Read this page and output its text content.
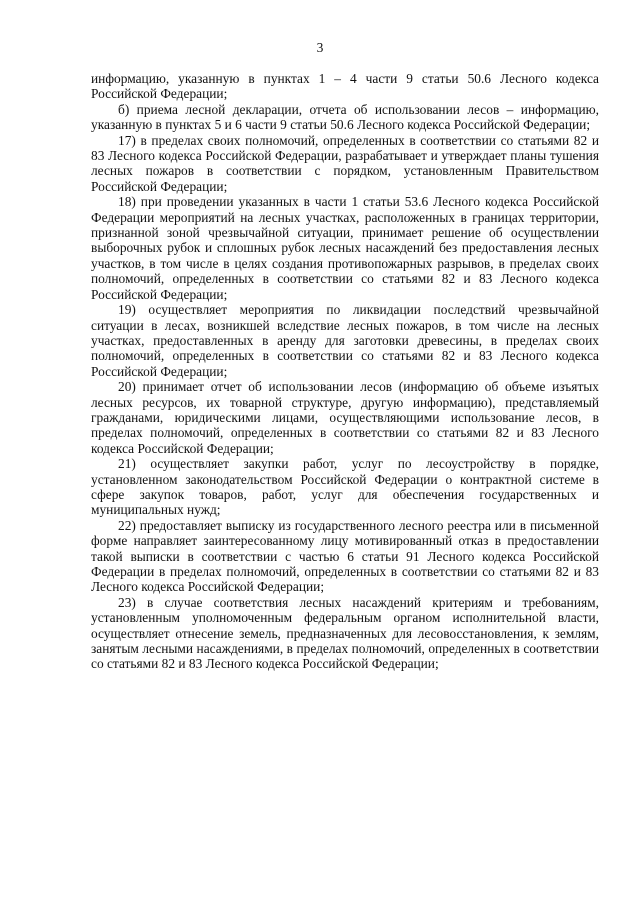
3

информацию, указанную в пунктах 1 – 4 части 9 статьи 50.6 Лесного кодекса Российской Федерации;

б) приема лесной декларации, отчета об использовании лесов – информацию, указанную в пунктах 5 и 6 части 9 статьи 50.6 Лесного кодекса Российской Федерации;

17) в пределах своих полномочий, определенных в соответствии со статьями 82 и 83 Лесного кодекса Российской Федерации, разрабатывает и утверждает планы тушения лесных пожаров в соответствии с порядком, установленным Правительством Российской Федерации;

18) при проведении указанных в части 1 статьи 53.6 Лесного кодекса Российской Федерации мероприятий на лесных участках, расположенных в границах территории, признанной зоной чрезвычайной ситуации, принимает решение об осуществлении выборочных рубок и сплошных рубок лесных насаждений без предоставления лесных участков, в том числе в целях создания противопожарных разрывов, в пределах своих полномочий, определенных в соответствии со статьями 82 и 83 Лесного кодекса Российской Федерации;

19) осуществляет мероприятия по ликвидации последствий чрезвычайной ситуации в лесах, возникшей вследствие лесных пожаров, в том числе на лесных участках, предоставленных в аренду для заготовки древесины, в пределах своих полномочий, определенных в соответствии со статьями 82 и 83 Лесного кодекса Российской Федерации;

20) принимает отчет об использовании лесов (информацию об объеме изъятых лесных ресурсов, их товарной структуре, другую информацию), представляемый гражданами, юридическими лицами, осуществляющими использование лесов, в пределах полномочий, определенных в соответствии со статьями 82 и 83 Лесного кодекса Российской Федерации;

21) осуществляет закупки работ, услуг по лесоустройству в порядке, установленном законодательством Российской Федерации о контрактной системе в сфере закупок товаров, работ, услуг для обеспечения государственных и муниципальных нужд;

22) предоставляет выписку из государственного лесного реестра или в письменной форме направляет заинтересованному лицу мотивированный отказ в предоставлении такой выписки в соответствии с частью 6 статьи 91 Лесного кодекса Российской Федерации в пределах полномочий, определенных в соответствии со статьями 82 и 83 Лесного кодекса Российской Федерации;

23) в случае соответствия лесных насаждений критериям и требованиям, установленным уполномоченным федеральным органом исполнительной власти, осуществляет отнесение земель, предназначенных для лесовосстановления, к землям, занятым лесными насаждениями, в пределах полномочий, определенных в соответствии со статьями 82 и 83 Лесного кодекса Российской Федерации;
